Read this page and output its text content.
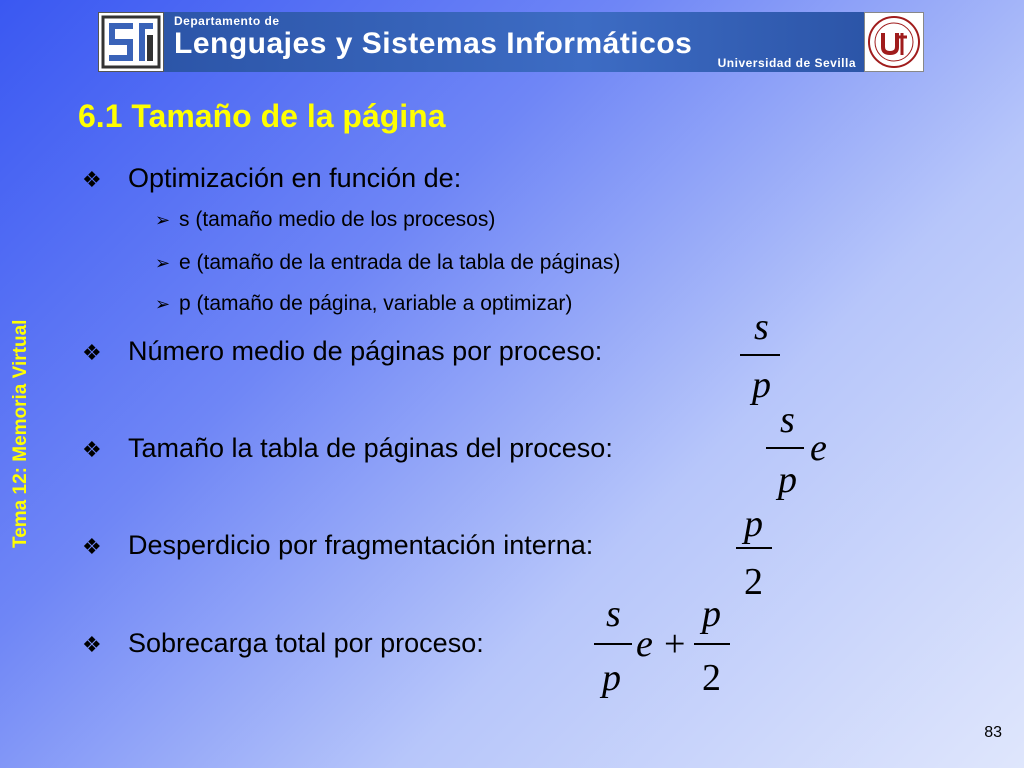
Departamento de
Lenguajes y Sistemas Informáticos
Universidad de Sevilla
6.1 Tamaño de la página
Tema 12: Memoria Virtual
❖ Optimización en función de:
➢ s (tamaño medio de los procesos)
➢ e (tamaño de la entrada de la tabla de páginas)
➢ p (tamaño de página, variable a optimizar)
❖ Número medio de páginas por proceso:
s
p
❖ Tamaño la tabla de páginas del proceso:
s
p
e
❖ Desperdicio por fragmentación interna:	p
2
❖ Sobrecarga total por proceso:
s
p
e +
p
2
83
